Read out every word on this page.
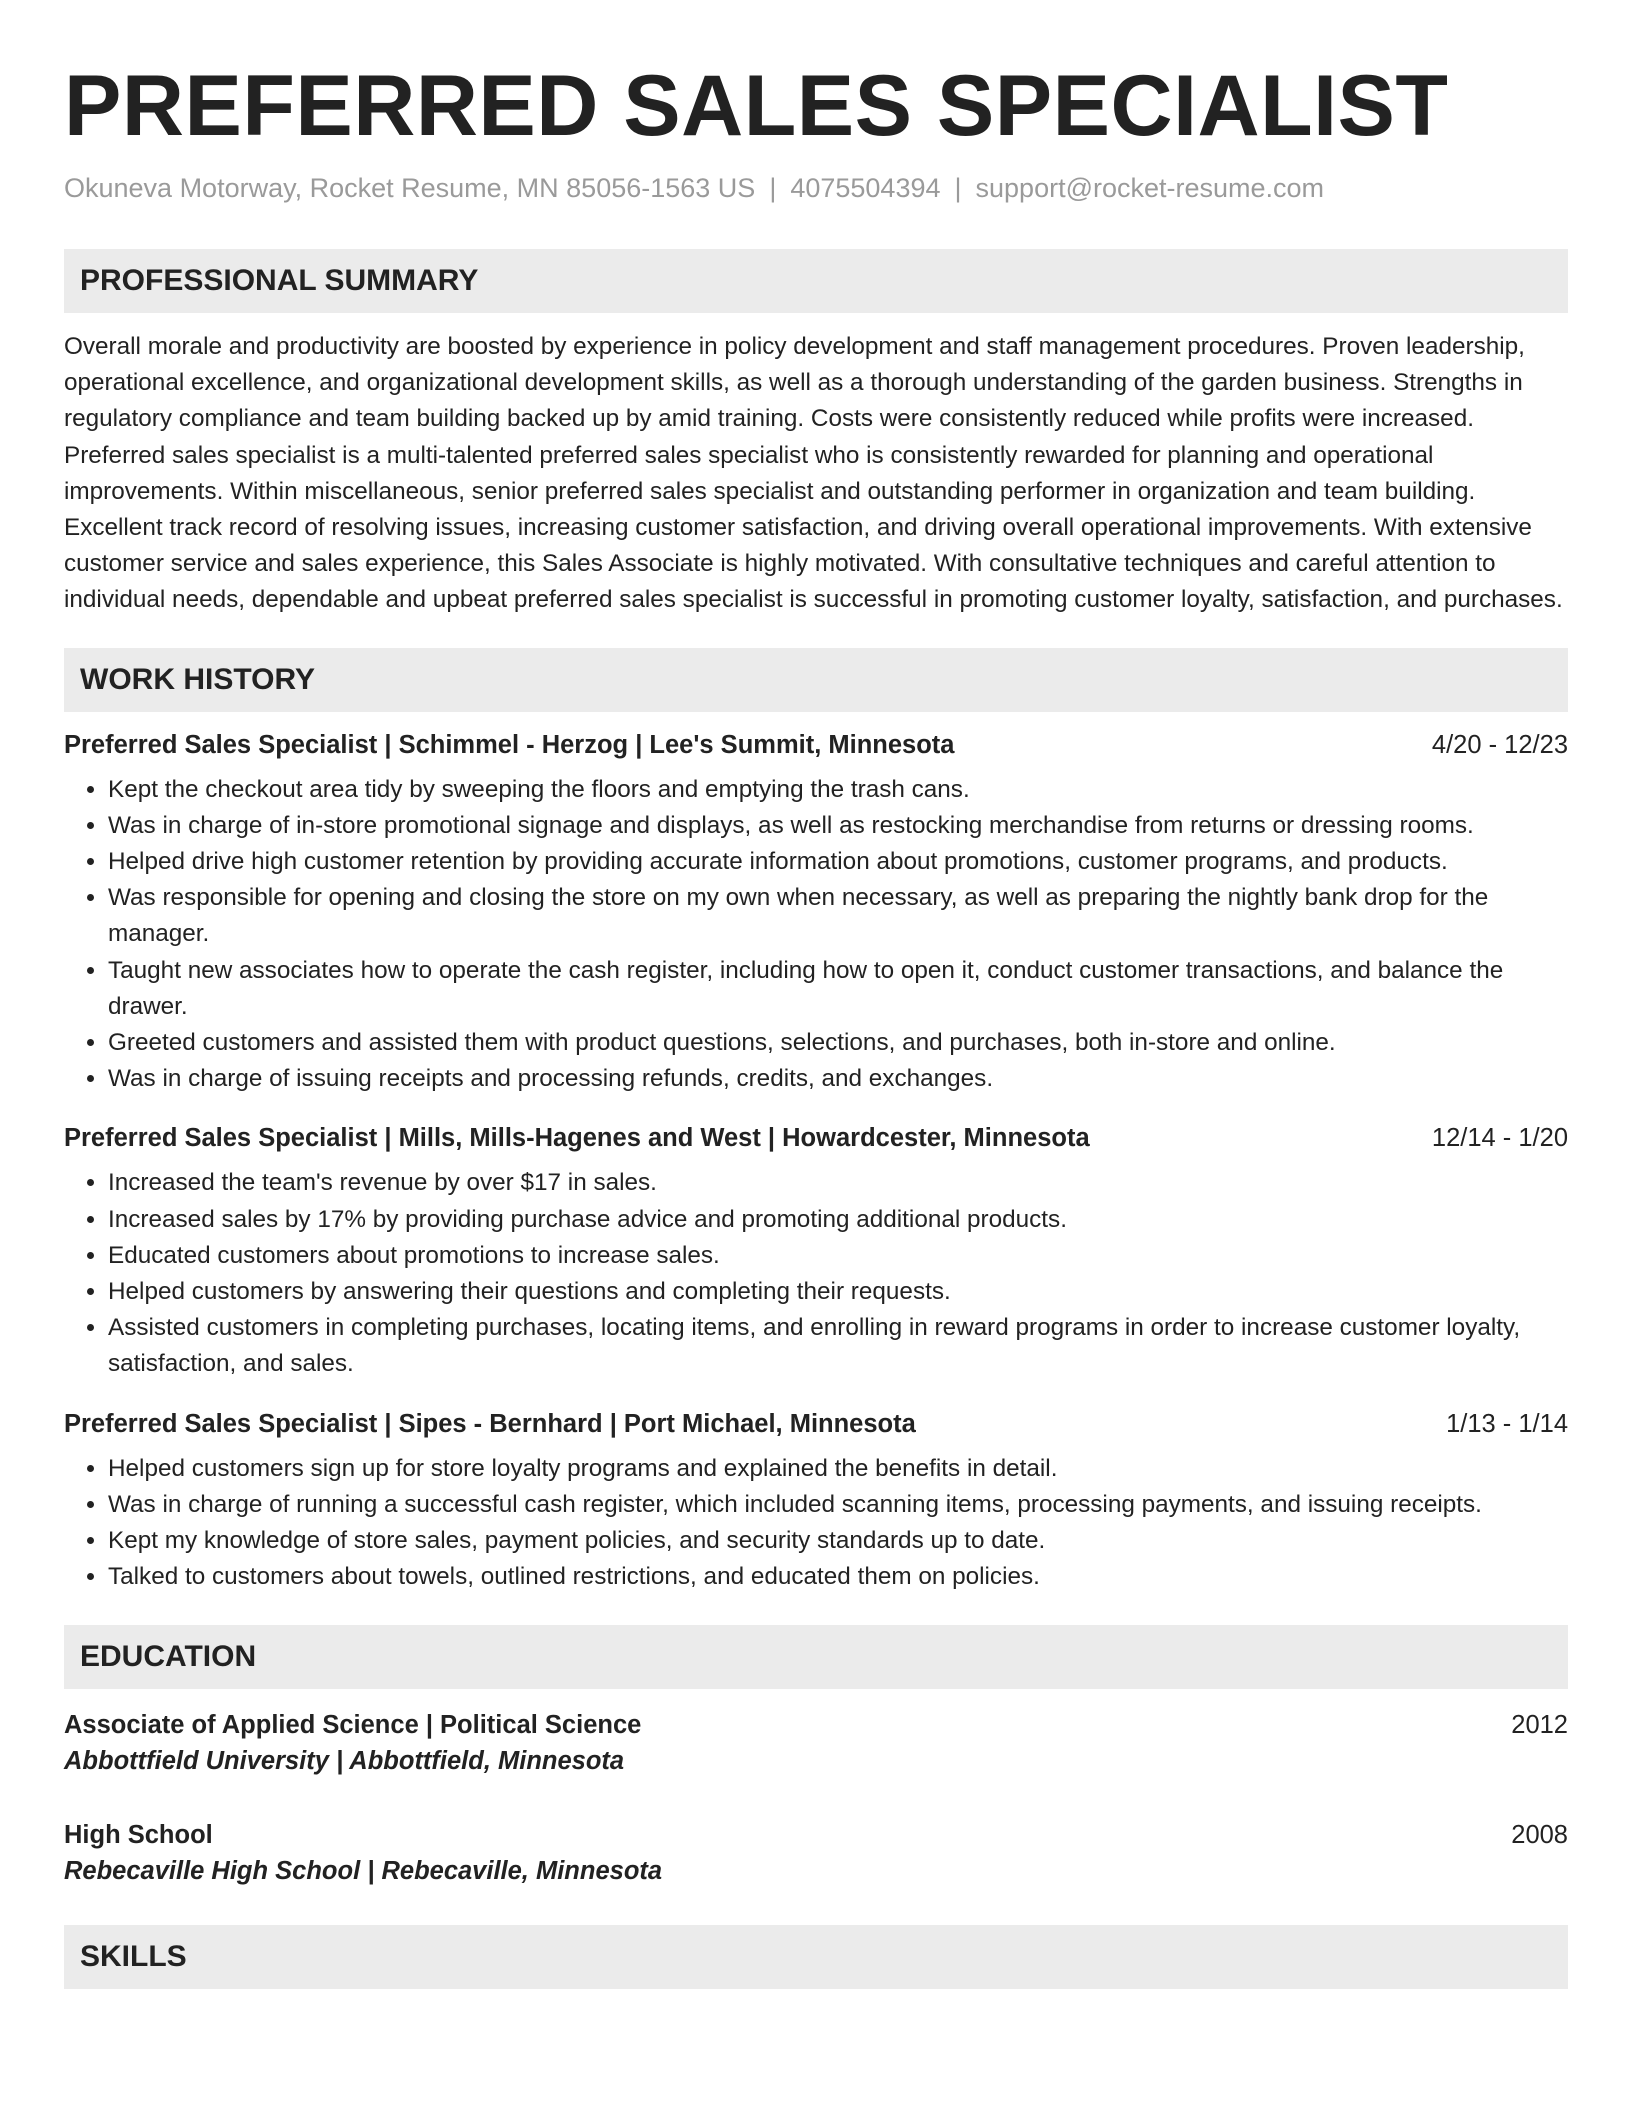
PREFERRED SALES SPECIALIST
Okuneva Motorway, Rocket Resume, MN 85056-1563 US | 4075504394 | support@rocket-resume.com
PROFESSIONAL SUMMARY

Overall morale and productivity are boosted by experience in policy development and staff management procedures. Proven leadership, operational excellence, and organizational development skills, as well as a thorough understanding of the garden business. Strengths in regulatory compliance and team building backed up by amid training. Costs were consistently reduced while profits were increased. Preferred sales specialist is a multi-talented preferred sales specialist who is consistently rewarded for planning and operational improvements. Within miscellaneous, senior preferred sales specialist and outstanding performer in organization and team building. Excellent track record of resolving issues, increasing customer satisfaction, and driving overall operational improvements. With extensive customer service and sales experience, this Sales Associate is highly motivated. With consultative techniques and careful attention to individual needs, dependable and upbeat preferred sales specialist is successful in promoting customer loyalty, satisfaction, and purchases.

WORK HISTORY
Preferred Sales Specialist | Schimmel - Herzog | Lee's Summit, Minnesota	4/20 - 12/23
• Kept the checkout area tidy by sweeping the floors and emptying the trash cans.
• Was in charge of in-store promotional signage and displays, as well as restocking merchandise from returns or dressing rooms.
• Helped drive high customer retention by providing accurate information about promotions, customer programs, and products.
• Was responsible for opening and closing the store on my own when necessary, as well as preparing the nightly bank drop for the manager.
• Taught new associates how to operate the cash register, including how to open it, conduct customer transactions, and balance the drawer.
• Greeted customers and assisted them with product questions, selections, and purchases, both in-store and online.
• Was in charge of issuing receipts and processing refunds, credits, and exchanges.
Preferred Sales Specialist | Mills, Mills-Hagenes and West | Howardcester, Minnesota	12/14 - 1/20
• Increased the team's revenue by over $17 in sales.
• Increased sales by 17% by providing purchase advice and promoting additional products.
• Educated customers about promotions to increase sales.
• Helped customers by answering their questions and completing their requests.
• Assisted customers in completing purchases, locating items, and enrolling in reward programs in order to increase customer loyalty, satisfaction, and sales.
Preferred Sales Specialist | Sipes - Bernhard | Port Michael, Minnesota	1/13 - 1/14
• Helped customers sign up for store loyalty programs and explained the benefits in detail.
• Was in charge of running a successful cash register, which included scanning items, processing payments, and issuing receipts.
• Kept my knowledge of store sales, payment policies, and security standards up to date.
• Talked to customers about towels, outlined restrictions, and educated them on policies.
EDUCATION
Associate of Applied Science | Political Science	2012
Abbottfield University | Abbottfield, Minnesota
High School	2008
Rebecaville High School | Rebecaville, Minnesota
SKILLS
